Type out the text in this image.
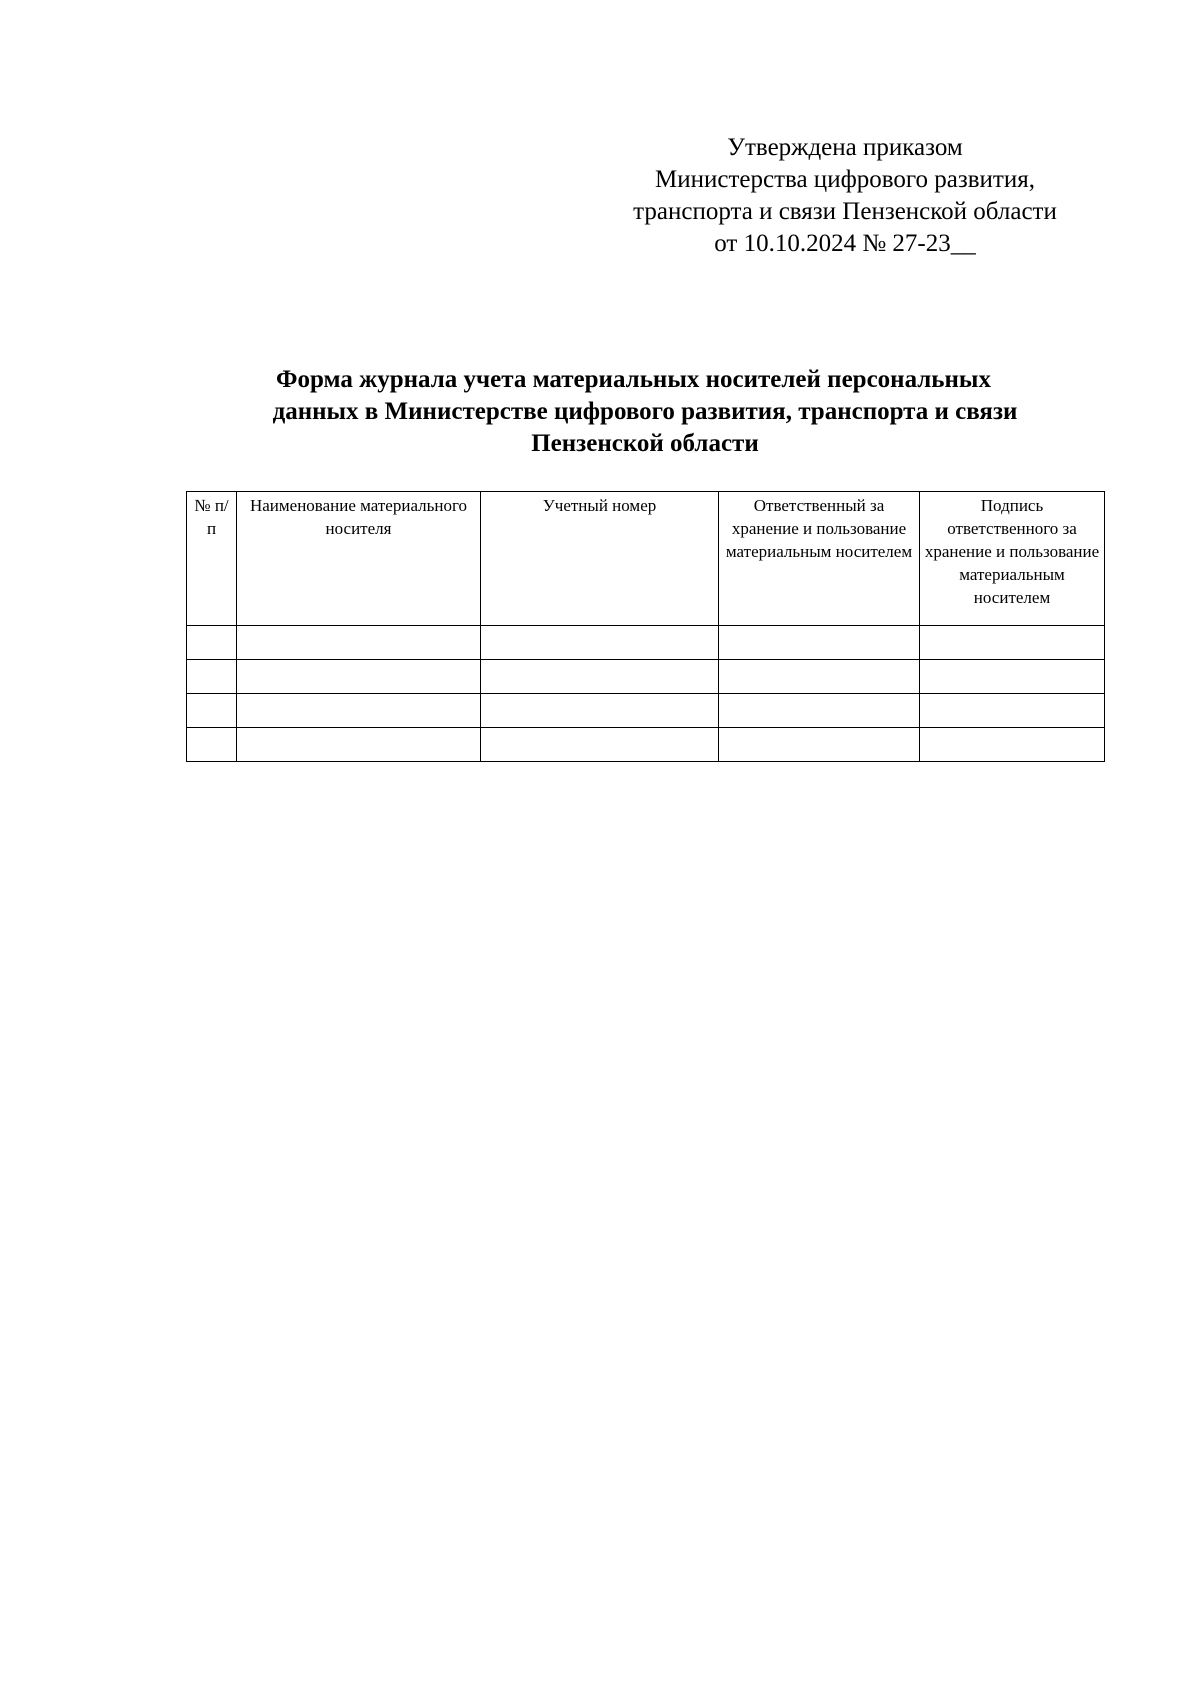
Утверждена приказом
Министерства цифрового развития,
транспорта и связи Пензенской области
от 10.10.2024 № 27-23__
Форма журнала учета материальных носителей персональных
данных в Министерстве цифрового развития, транспорта и связи
Пензенской области
№ п/п	Наименование материального носителя	Учетный номер	Ответственный за хранение и пользование материальным носителем	Подпись ответственного за хранение и пользование материальным носителем
